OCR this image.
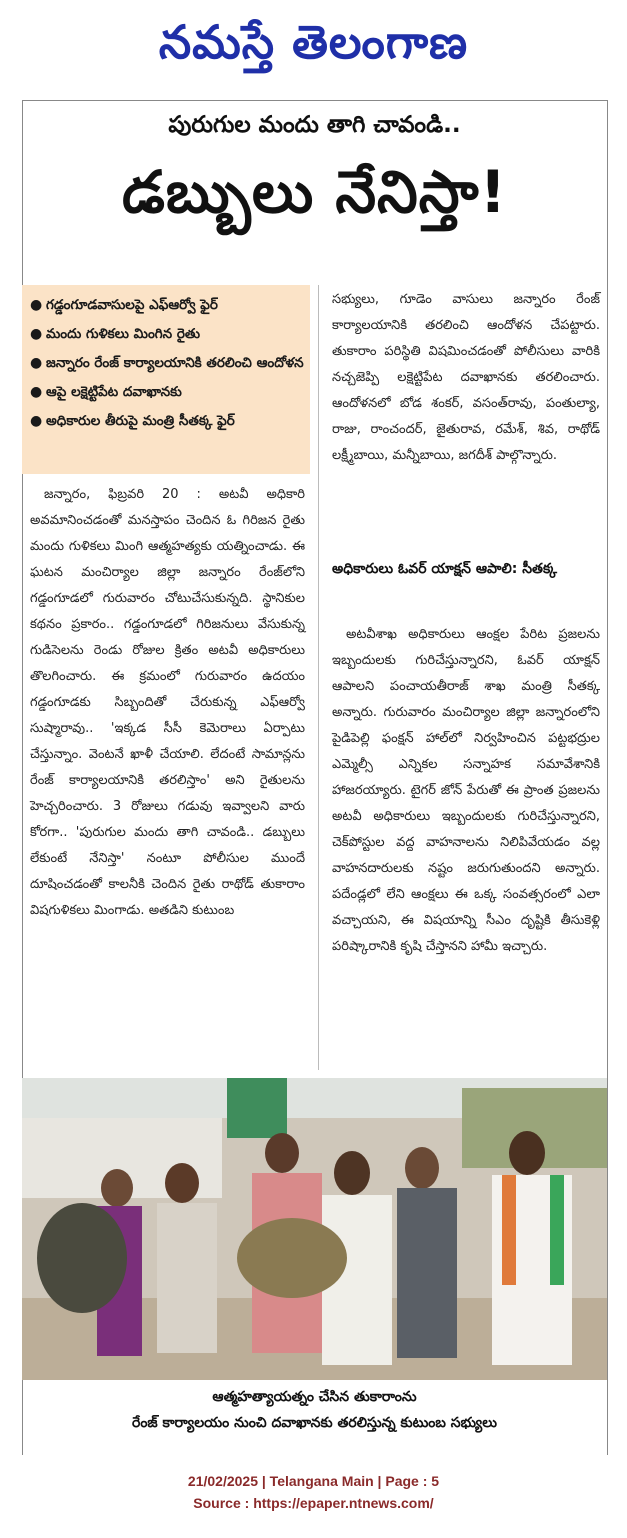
నమస్తే తెలంగాణ
పురుగుల మందు తాగి చావండి..
డబ్బులు నేనిస్తా!
● గడ్డంగూడవాసులపై ఎఫ్‌ఆర్వో ఫైర్
● మందు గుళికలు మింగిన రైతు
● జన్నారం రేంజ్ కార్యాలయానికి తరలించి ఆందోళన
● ఆపై లక్షెట్టిపేట దవాఖానకు
● అధికారుల తీరుపై మంత్రి సీతక్క ఫైర్

జన్నారం, ఫిబ్రవరి 20 : అటవీ అధికారి అవమానించడంతో మనస్తాపం చెందిన ఓ గిరిజన రైతు మందు గుళికలు మింగి ఆత్మహత్యకు యత్నించాడు. ఈ ఘటన మంచిర్యాల జిల్లా జన్నారం రేంజ్‌లోని గడ్డంగూడలో గురువారం చోటుచేసుకున్నది. స్థానికుల కథనం ప్రకారం.. గడ్డంగూడలో గిరిజనులు వేసుకున్న గుడిసెలను రెండు రోజుల క్రితం అటవీ అధికారులు తొలగించారు. ఈ క్రమంలో గురువారం ఉదయం గడ్డంగూడకు సిబ్బందితో చేరుకున్న ఎఫ్‌ఆర్వో సుష్మారావు.. 'ఇక్కడ సీసీ కెమెరాలు ఏర్పాటు చేస్తున్నాం. వెంటనే ఖాళీ చేయాలి. లేదంటే సామాన్లను రేంజ్ కార్యాలయానికి తరలిస్తాం' అని రైతులను హెచ్చరించారు. 3 రోజులు గడువు ఇవ్వాలని వారు కోరగా.. 'పురుగుల మందు తాగి చావండి.. డబ్బులు లేకుంటే నేనిస్తా' నంటూ పోలీసుల ముందే దూషించడంతో కాలనీకి చెందిన రైతు రాథోడ్ తుకారాం విషగుళికలు మింగాడు. అతడిని కుటుంబ

సభ్యులు, గూడెం వాసులు జన్నారం రేంజ్ కార్యాలయానికి తరలించి ఆందోళన చేపట్టారు. తుకారాం పరిస్థితి విషమించడంతో పోలీసులు వారికి నచ్చజెప్పి లక్షెట్టిపేట దవాఖానకు తరలించారు. ఆందోళనలో బోడ శంకర్, వసంత్‌రావు, పంతుల్యా, రాజు, రాంచందర్, జైతురావ, రమేశ్, శివ, రాథోడ్ లక్ష్మీబాయి, మన్నీబాయి, జగదీశ్ పాల్గొన్నారు.

అధికారులు ఓవర్ యాక్షన్ ఆపాలి: సీతక్క

అటవీశాఖ అధికారులు ఆంక్షల పేరిట ప్రజలను ఇబ్బందులకు గురిచేస్తున్నారని, ఓవర్ యాక్షన్ ఆపాలని పంచాయతీరాజ్ శాఖ మంత్రి సీతక్క అన్నారు. గురువారం మంచిర్యాల జిల్లా జన్నారంలోని పైడిపెల్లి ఫంక్షన్ హాల్‌లో నిర్వహించిన పట్టభద్రుల ఎమ్మెల్సీ ఎన్నికల సన్నాహక సమావేశానికి హాజరయ్యారు. టైగర్ జోన్ పేరుతో ఈ ప్రాంత ప్రజలను అటవీ అధికారులు ఇబ్బందులకు గురిచేస్తున్నారని, చెక్‌పోస్టుల వద్ద వాహనాలను నిలిపివేయడం వల్ల వాహనదారులకు నష్టం జరుగుతుందని అన్నారు. పదేండ్లలో లేని ఆంక్షలు ఈ ఒక్క సంవత్సరంలో ఎలా వచ్చాయని, ఈ విషయాన్ని సీఎం దృష్టికి తీసుకెళ్లి పరిష్కారానికి కృషి చేస్తానని హామీ ఇచ్చారు.

ఆత్మహత్యాయత్నం చేసిన తుకారాంను
రేంజ్ కార్యాలయం నుంచి దవాఖానకు తరలిస్తున్న కుటుంబ సభ్యులు
21/02/2025 | Telangana Main | Page : 5
Source : https://epaper.ntnews.com/
